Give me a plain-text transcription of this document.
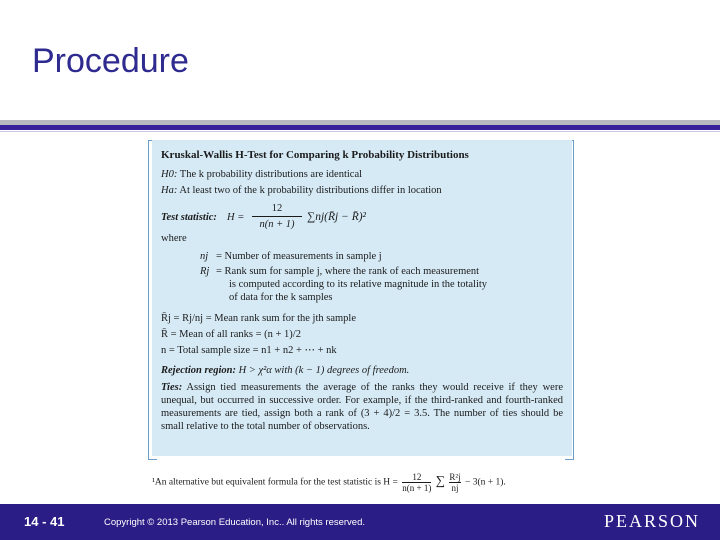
Procedure
Kruskal-Wallis H-Test for Comparing k Probability Distributions
H0: The k probability distributions are identical
Ha: At least two of the k probability distributions differ in location
Test statistic: H =
12
n(n + 1)
∑nj(R̄j − R̄)²
where
nj = Number of measurements in sample j
Rj = Rank sum for sample j, where the rank of each measurement
is computed according to its relative magnitude in the totality
of data for the k samples
R̄j = Rj/nj = Mean rank sum for the jth sample
R̄ = Mean of all ranks = (n + 1)/2
n = Total sample size = n1 + n2 + ⋯ + nk
Rejection region: H > χ²α with (k − 1) degrees of freedom.
Ties: Assign tied measurements the average of the ranks they would receive if they were unequal, but occurred in successive order. For example, if the third-ranked and fourth-ranked measurements are tied, assign both a rank of (3 + 4)/2 = 3.5. The number of ties should be small relative to the total number of observations.
¹An alternative but equivalent formula for the test statistic is $H = \frac{12}{n(n + 1)}$ ∑ $\frac{\text{R²j}}{nj} - 3(n + 1)$.
14 - 41	Copyright © 2013 Pearson Education, Inc.. All rights reserved.	PEARSON
